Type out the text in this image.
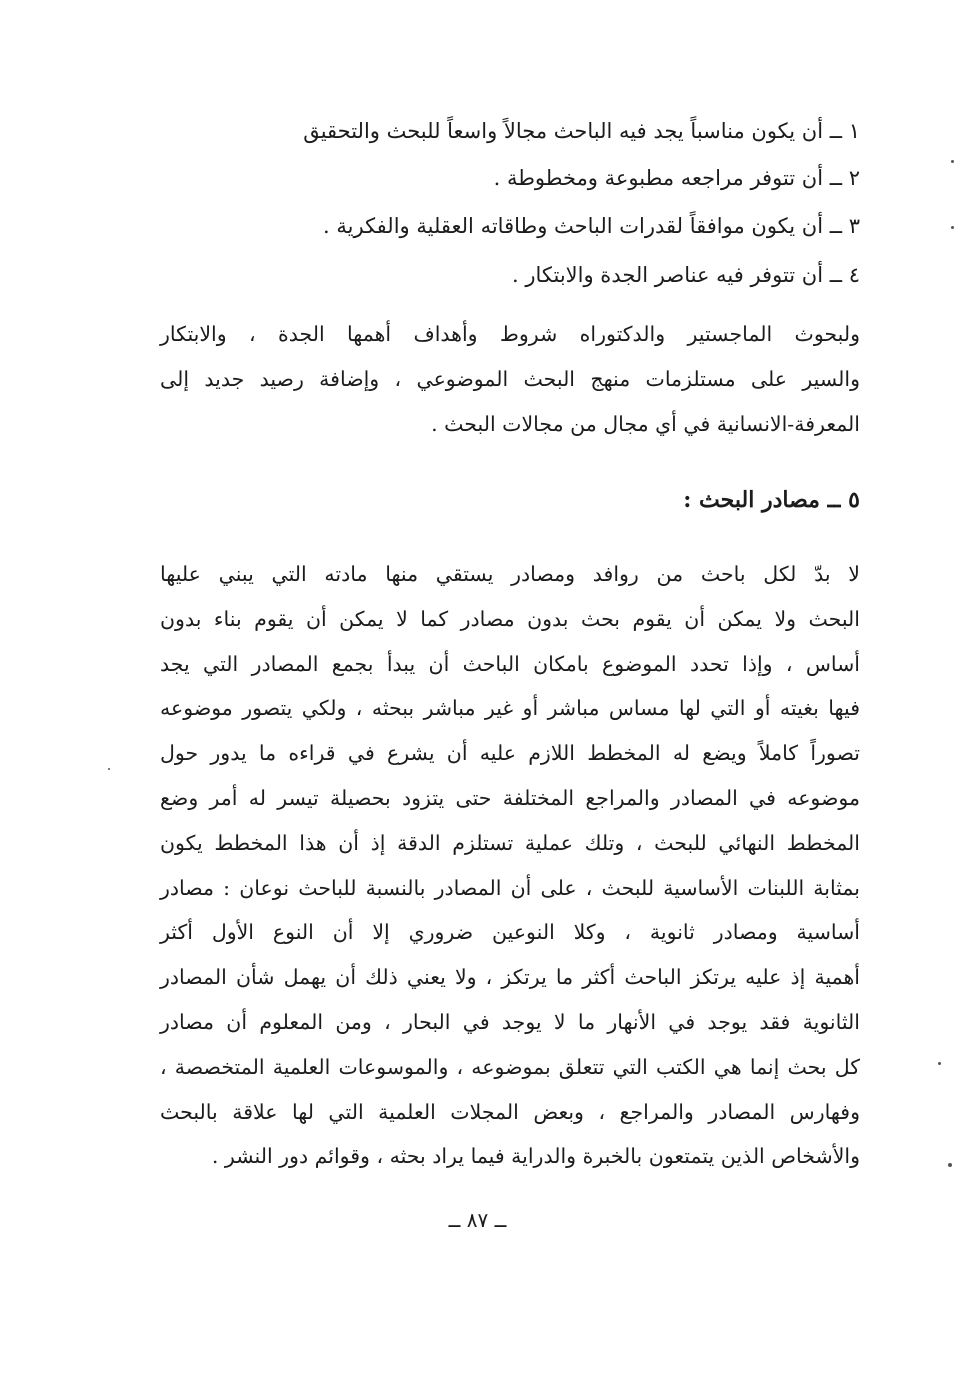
١ ــ أن يكون مناسباً يجد فيه الباحث مجالاً واسعاً للبحث والتحقيق
٢ ــ أن تتوفر مراجعه مطبوعة ومخطوطة .
٣ ــ أن يكون موافقاً لقدرات الباحث وطاقاته العقلية والفكرية .
٤ ــ أن تتوفر فيه عناصر الجدة والابتكار .
ولبحوث الماجستير والدكتوراه شروط وأهداف أهمها الجدة ، والابتكار
والسير على مستلزمات منهج البحث الموضوعي ، وإضافة رصيد جديد إلى
المعرفة-الانسانية في أي مجال من مجالات البحث .
٥ ــ مصادر البحث :
لا بدّ لكل باحث من روافد ومصادر يستقي منها مادته التي يبني عليها
البحث ولا يمكن أن يقوم بحث بدون مصادر كما لا يمكن أن يقوم بناء بدون
أساس ، وإذا تحدد الموضوع بامكان الباحث أن يبدأ بجمع المصادر التي يجد
فيها بغيته أو التي لها مساس مباشر أو غير مباشر ببحثه ، ولكي يتصور موضوعه
تصوراً كاملاً ويضع له المخطط اللازم عليه أن يشرع في قراءه ما يدور حول
موضوعه في المصادر والمراجع المختلفة حتى يتزود بحصيلة تيسر له أمر وضع
المخطط النهائي للبحث ، وتلك عملية تستلزم الدقة إذ أن هذا المخطط يكون
بمثابة اللبنات الأساسية للبحث ، على أن المصادر بالنسبة للباحث نوعان : مصادر
أساسية ومصادر ثانوية ، وكلا النوعين ضروري إلا أن النوع الأول أكثر
أهمية إذ عليه يرتكز الباحث أكثر ما يرتكز ، ولا يعني ذلك أن يهمل شأن المصادر
الثانوية فقد يوجد في الأنهار ما لا يوجد في البحار ، ومن المعلوم أن مصادر
كل بحث إنما هي الكتب التي تتعلق بموضوعه ، والموسوعات العلمية المتخصصة ،
وفهارس المصادر والمراجع ، وبعض المجلات العلمية التي لها علاقة بالبحث
والأشخاص الذين يتمتعون بالخبرة والدراية فيما يراد بحثه ، وقوائم دور النشر .
ــ ٨٧ ــ
